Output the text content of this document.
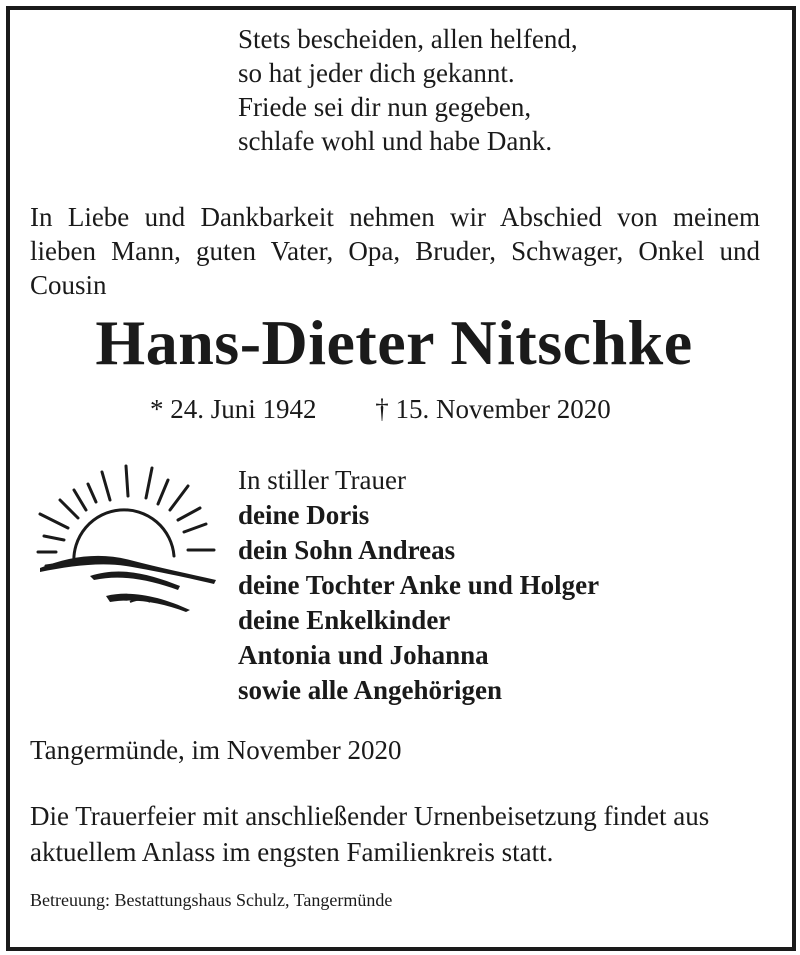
Stets bescheiden, allen helfend,
so hat jeder dich gekannt.
Friede sei dir nun gegeben,
schlafe wohl und habe Dank.
In Liebe und Dankbarkeit nehmen wir Abschied von meinem lieben Mann, guten Vater, Opa, Bruder, Schwager, Onkel und Cousin
Hans-Dieter Nitschke
* 24. Juni 1942 † 15. November 2020
In stiller Trauer
deine Doris
dein Sohn Andreas
deine Tochter Anke und Holger
deine Enkelkinder
Antonia und Johanna
sowie alle Angehörigen
Tangermünde, im November 2020
Die Trauerfeier mit anschließender Urnenbeisetzung findet aus aktuellem Anlass im engsten Familienkreis statt.
Betreuung: Bestattungshaus Schulz, Tangermünde
